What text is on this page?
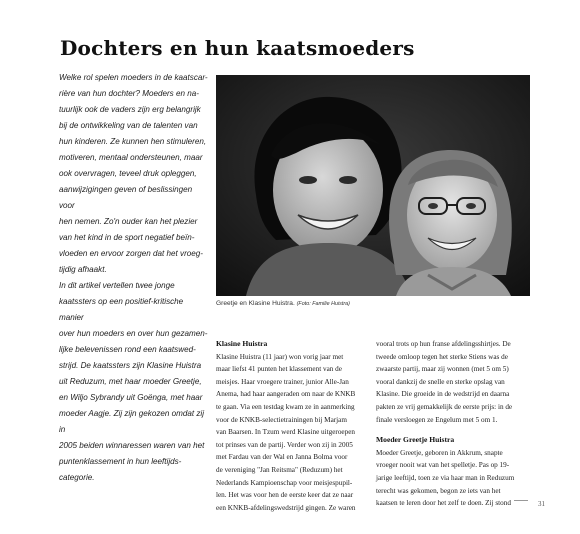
Dochters en hun kaatsmoeders

Welke rol spelen moeders in de kaatscar-

rière van hun dochter? Moeders en na-

tuurlijk ook de vaders zijn erg belangrijk

bij de ontwikkeling van de talenten van

hun kinderen. Ze kunnen hen stimuleren,

motiveren, mentaal ondersteunen, maar

ook overvragen, teveel druk opleggen,

aanwijzigingen geven of beslissingen voor

hen nemen. Zo'n ouder kan het plezier

van het kind in de sport negatief beïn-

vloeden en ervoor zorgen dat het vroeg-

tijdig afhaakt.

In dit artikel vertellen twee jonge

kaatssters op een positief-kritische manier

over hun moeders en over hun gezamen-

lijke belevenissen rond een kaatswed-

strijd. De kaatssters zijn Klasine Huistra

uit Reduzum, met haar moeder Greetje,

en Wiljo Sybrandy uit Goënga, met haar

moeder Aagje. Zij zijn gekozen omdat zij in

2005 beiden winnaressen waren van het

puntenklassement in hun leeftijds-

categorie.

Greetje en Klasine Huistra. (Foto: Familie Huistra)
Klasine Huistra

Klasine Huistra (11 jaar) won vorig jaar met

maar liefst 41 punten het klassement van de

meisjes. Haar vroegere trainer, junior Alle-Jan

Anema, had haar aangeraden om naar de KNKB

te gaan. Via een testdag kwam ze in aanmerking

voor de KNKB-selectietrainingen bij Marjam

van Baarsen. In Tzum werd Klasine uitgeroepen

tot prinses van de partij. Verder won zij in 2005

met Fardau van der Wal en Janna Bolma voor

de vereniging "Jan Reitsma" (Reduzum) het

Nederlands Kampioenschap voor meisjespupil-

len. Het was voor hen de eerste keer dat ze naar

een KNKB-afdelingswedstrijd gingen. Ze waren

vooral trots op hun franse afdelingsshirtjes. De

tweede omloop tegen het sterke Stiens was de

zwaarste partij, maar zij wonnen (met 5 om 5)

vooral dankzij de snelle en sterke opslag van

Klasine. Die groeide in de wedstrijd en daarna

pakten ze vrij gemakkelijk de eerste prijs: in de

finale versloegen ze Engelum met 5 om 1.

Moeder Greetje Huistra

Moeder Greetje, geboren in Akkrum, snapte

vroeger nooit wat van het spelletje. Pas op 19-

jarige leeftijd, toen ze via haar man in Reduzum

terecht was gekomen, begon ze iets van het

kaatsen te leren door het zelf te doen. Zij stond	31
